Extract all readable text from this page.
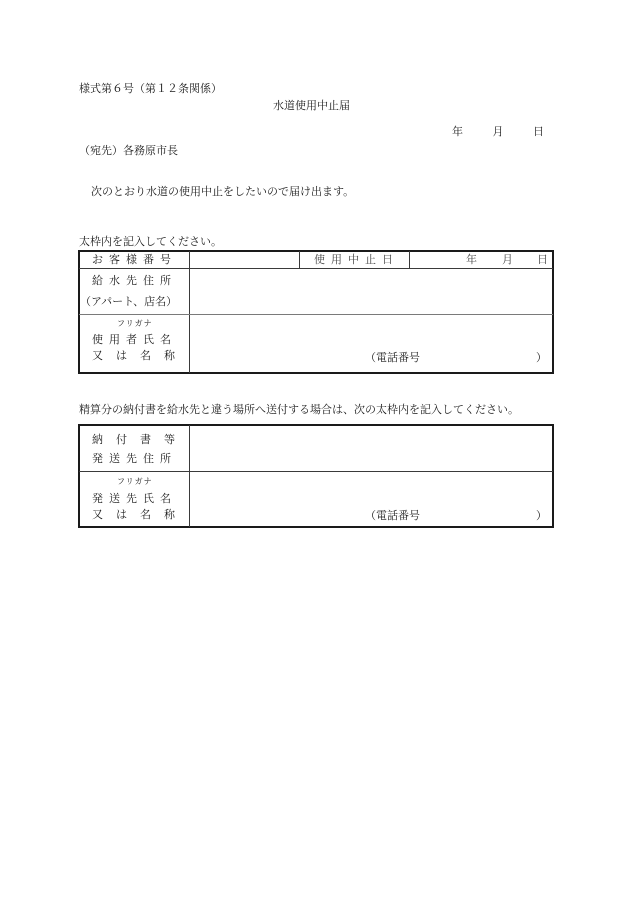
様式第６号（第１２条関係）
水道使用中止届
年	月	日
（宛先）各務原市長
次のとおり水道の使用中止をしたいので届け出ます。
太枠内を記入してください。
お客様番号	使用中止日	年 月 日
給水先住所
（アパート、店名）
フリガナ
使用者氏名
又は名称	（電話番号	）
精算分の納付書を給水先と違う場所へ送付する場合は、次の太枠内を記入してください。
納付書等
発送先住所
フリガナ
発送先氏名
又は名称	（電話番号	）
